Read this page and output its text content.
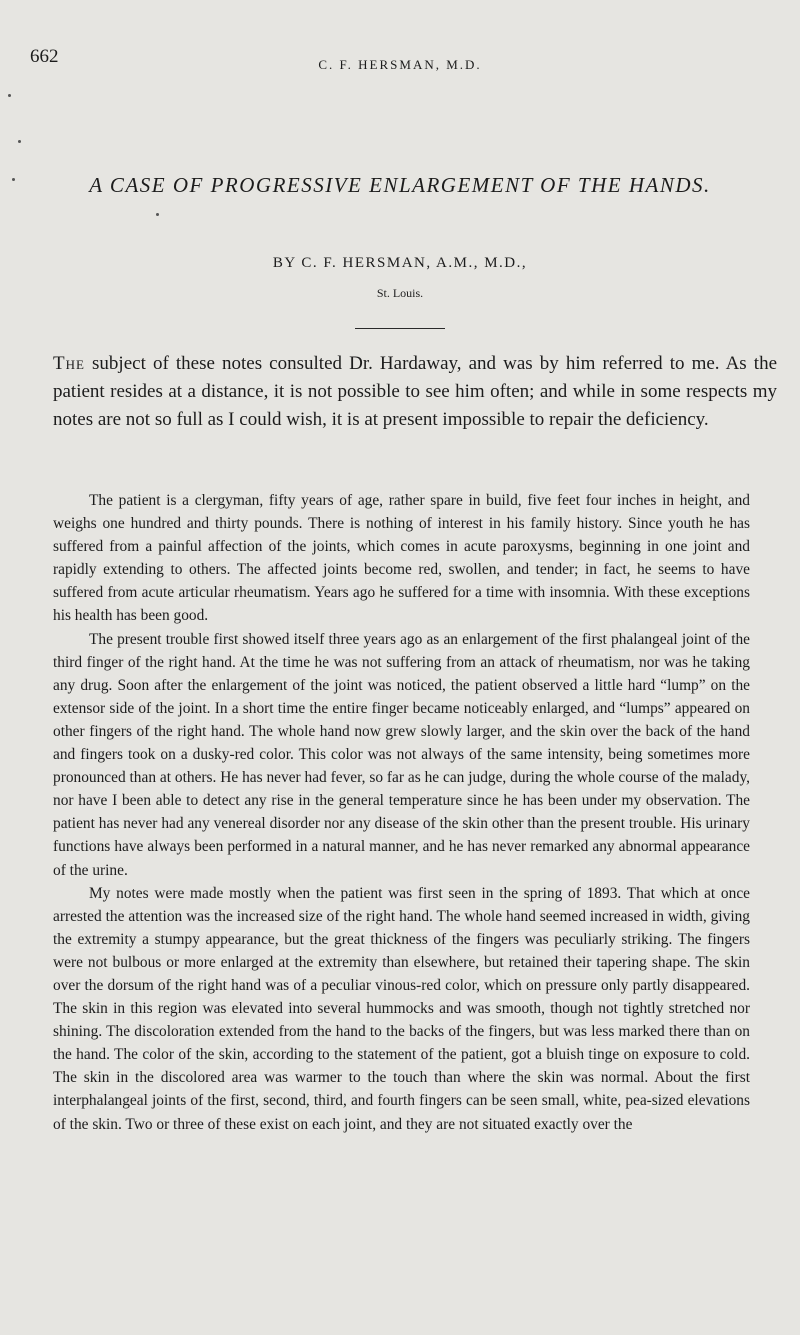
662	C. F. HERSMAN, M.D.
A CASE OF PROGRESSIVE ENLARGEMENT OF THE HANDS.
BY C. F. HERSMAN, A.M., M.D.,
St. Louis.

The subject of these notes consulted Dr. Hardaway, and was by him referred to me. As the patient resides at a distance, it is not possible to see him often; and while in some respects my notes are not so full as I could wish, it is at present impossible to repair the deficiency.

The patient is a clergyman, fifty years of age, rather spare in build, five feet four inches in height, and weighs one hundred and thirty pounds. There is nothing of interest in his family history. Since youth he has suffered from a painful affection of the joints, which comes in acute paroxysms, beginning in one joint and rapidly extending to others. The affected joints become red, swollen, and tender; in fact, he seems to have suffered from acute articular rheumatism. Years ago he suffered for a time with insomnia. With these exceptions his health has been good.

The present trouble first showed itself three years ago as an enlargement of the first phalangeal joint of the third finger of the right hand. At the time he was not suffering from an attack of rheumatism, nor was he taking any drug. Soon after the enlargement of the joint was noticed, the patient observed a little hard “lump” on the extensor side of the joint. In a short time the entire finger became noticeably enlarged, and “lumps” appeared on other fingers of the right hand. The whole hand now grew slowly larger, and the skin over the back of the hand and fingers took on a dusky-red color. This color was not always of the same intensity, being sometimes more pronounced than at others. He has never had fever, so far as he can judge, during the whole course of the malady, nor have I been able to detect any rise in the general temperature since he has been under my observation. The patient has never had any venereal disorder nor any disease of the skin other than the present trouble. His urinary functions have always been performed in a natural manner, and he has never remarked any abnormal appearance of the urine.

My notes were made mostly when the patient was first seen in the spring of 1893. That which at once arrested the attention was the increased size of the right hand. The whole hand seemed increased in width, giving the extremity a stumpy appearance, but the great thickness of the fingers was peculiarly striking. The fingers were not bulbous or more enlarged at the extremity than elsewhere, but retained their tapering shape. The skin over the dorsum of the right hand was of a peculiar vinous-red color, which on pressure only partly disappeared. The skin in this region was elevated into several hummocks and was smooth, though not tightly stretched nor shining. The discoloration extended from the hand to the backs of the fingers, but was less marked there than on the hand. The color of the skin, according to the statement of the patient, got a bluish tinge on exposure to cold. The skin in the discolored area was warmer to the touch than where the skin was normal. About the first interphalangeal joints of the first, second, third, and fourth fingers can be seen small, white, pea-sized elevations of the skin. Two or three of these exist on each joint, and they are not situated exactly over the
